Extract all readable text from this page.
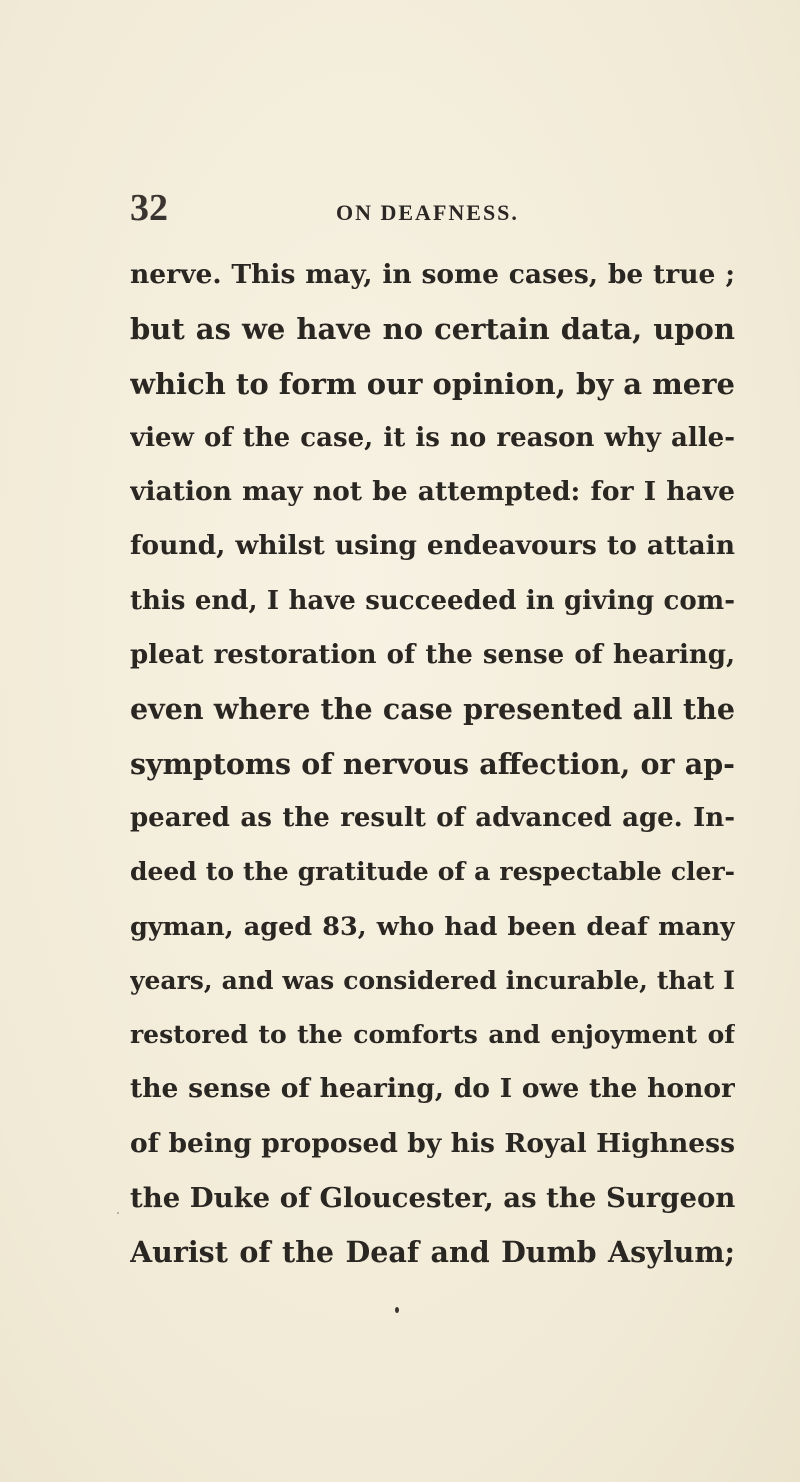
32	ON DEAFNESS.
nerve. This may, in some cases, be true ;
but as we have no certain data, upon
which to form our opinion, by a mere
view of the case, it is no reason why alle-
viation may not be attempted: for I have
found, whilst using endeavours to attain
this end, I have succeeded in giving com-
pleat restoration of the sense of hearing,
even where the case presented all the
symptoms of nervous affection, or ap-
peared as the result of advanced age. In-
deed to the gratitude of a respectable cler-
gyman, aged 83, who had been deaf many
years, and was considered incurable, that I
restored to the comforts and enjoyment of
the sense of hearing, do I owe the honor
of being proposed by his Royal Highness
the Duke of Gloucester, as the Surgeon
Aurist of the Deaf and Dumb Asylum;
